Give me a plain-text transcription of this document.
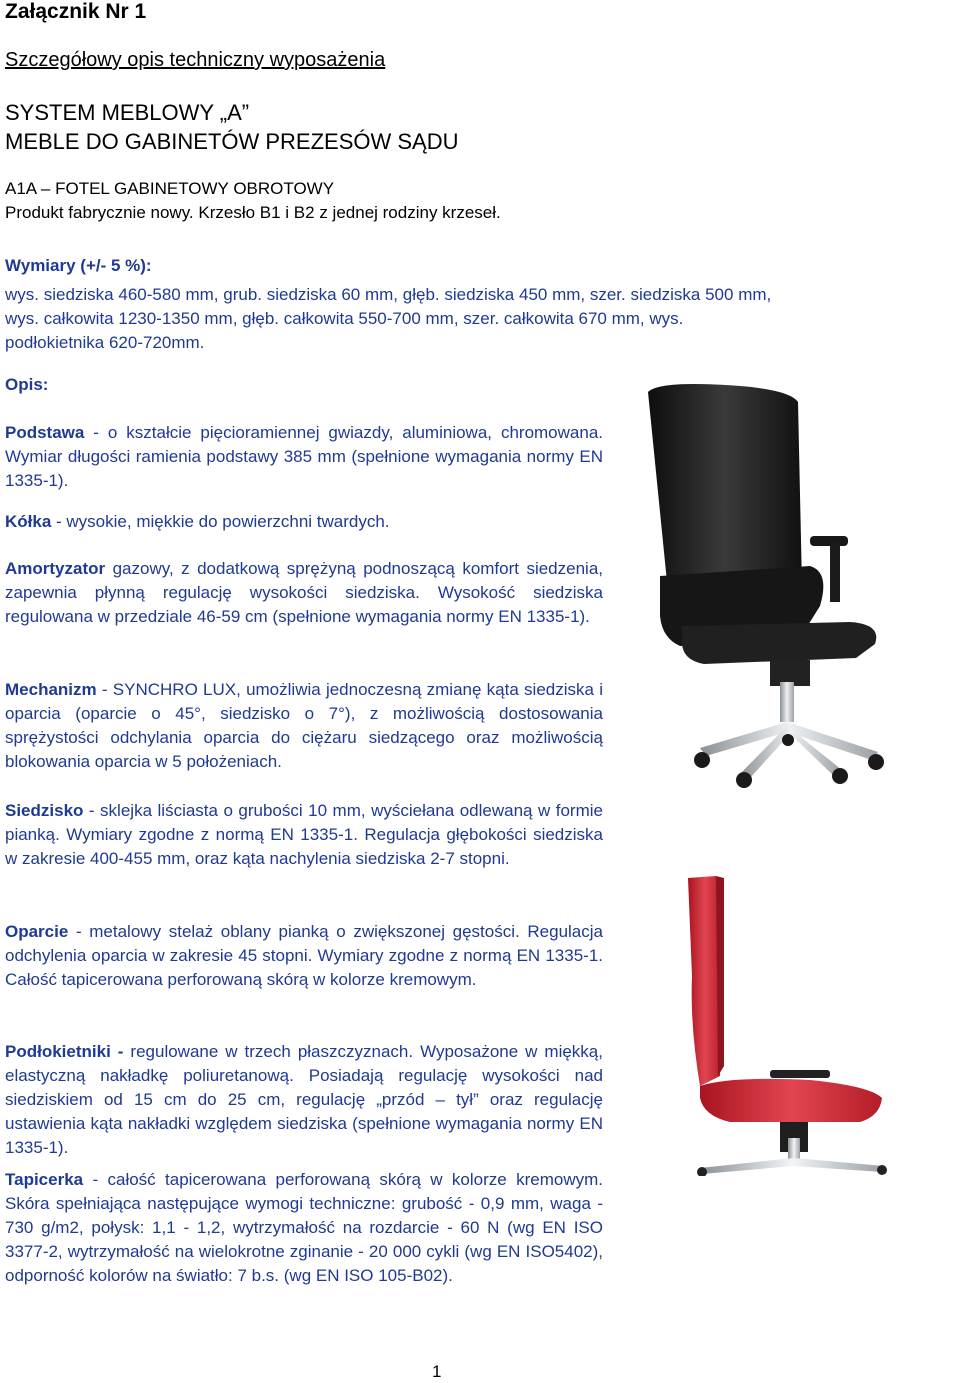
Załącznik Nr 1
Szczegółowy opis techniczny wyposażenia
SYSTEM MEBLOWY „A”
MEBLE DO GABINETÓW PREZESÓW SĄDU
A1A – FOTEL GABINETOWY OBROTOWY
Produkt fabrycznie nowy. Krzesło B1 i B2 z jednej rodziny krzeseł.
Wymiary (+/- 5 %):
wys. siedziska 460-580 mm, grub. siedziska 60 mm, głęb. siedziska 450 mm, szer. siedziska 500 mm,
wys. całkowita 1230-1350 mm, głęb. całkowita 550-700 mm, szer. całkowita 670 mm, wys.
podłokietnika 620-720mm.
Opis:

Podstawa - o kształcie pięcioramiennej gwiazdy, aluminiowa, chromowana. Wymiar długości ramienia podstawy 385 mm (spełnione wymagania normy EN 1335-1).

Kółka - wysokie, miękkie do powierzchni twardych.

Amortyzator gazowy, z dodatkową sprężyną podnoszącą komfort siedzenia, zapewnia płynną regulację wysokości siedziska. Wysokość siedziska regulowana w przedziale 46-59 cm (spełnione wymagania normy EN 1335-1).

Mechanizm - SYNCHRO LUX, umożliwia jednoczesną zmianę kąta siedziska i oparcia (oparcie o 45°, siedzisko o 7°), z możliwością dostosowania sprężystości odchylania oparcia do ciężaru siedzącego oraz możliwością blokowania oparcia w 5 położeniach.

Siedzisko - sklejka liściasta o grubości 10 mm, wyściełana odlewaną w formie pianką. Wymiary zgodne z normą EN 1335-1. Regulacja głębokości siedziska w zakresie 400-455 mm, oraz kąta nachylenia siedziska 2-7 stopni.

Oparcie - metalowy stelaż oblany pianką o zwiększonej gęstości. Regulacja odchylenia oparcia w zakresie 45 stopni. Wymiary zgodne z normą EN 1335-1. Całość tapicerowana perforowaną skórą w kolorze kremowym.

Podłokietniki - regulowane w trzech płaszczyznach. Wyposażone w miękką, elastyczną nakładkę poliuretanową. Posiadają regulację wysokości nad siedziskiem od 15 cm do 25 cm, regulację „przód – tył” oraz regulację ustawienia kąta nakładki względem siedziska (spełnione wymagania normy EN 1335-1).

Tapicerka - całość tapicerowana perforowaną skórą w kolorze kremowym. Skóra spełniająca następujące wymogi techniczne: grubość - 0,9 mm, waga - 730 g/m2, połysk: 1,1 - 1,2, wytrzymałość na rozdarcie - 60 N (wg EN ISO 3377-2, wytrzymałość na wielokrotne zginanie - 20 000 cykli (wg EN ISO5402), odporność kolorów na światło: 7 b.s. (wg EN ISO 105-B02).

1
